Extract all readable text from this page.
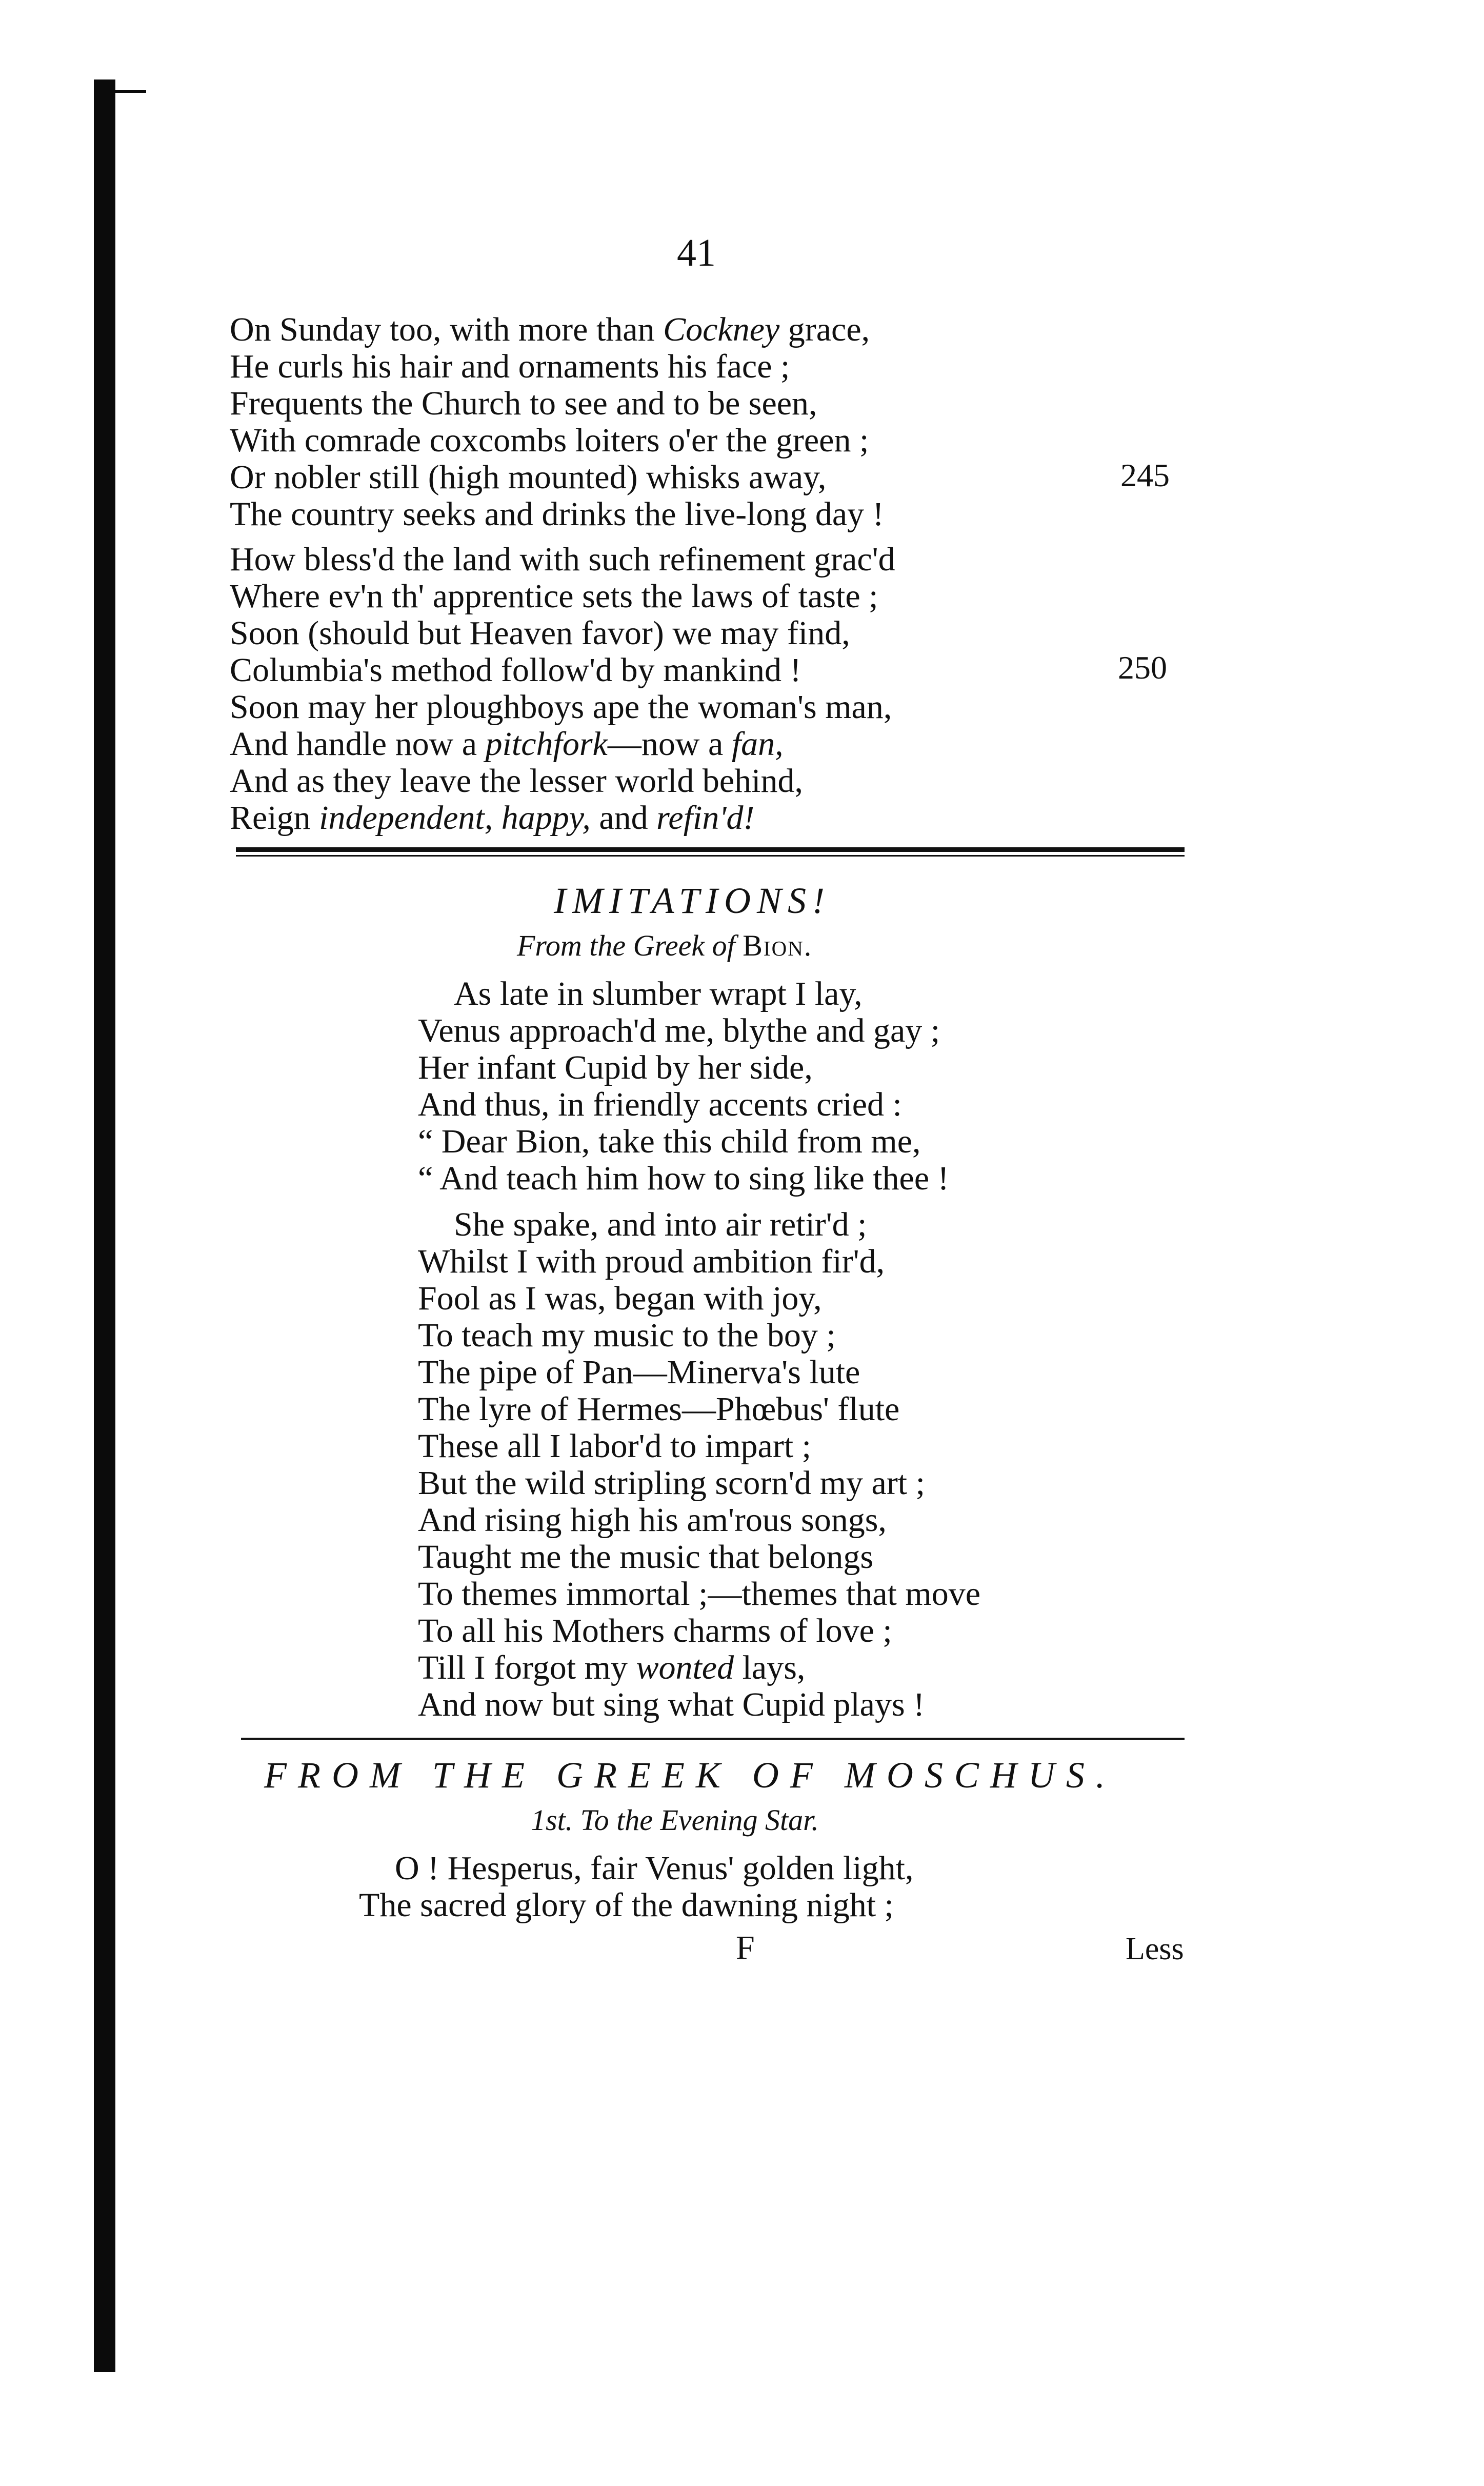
41
On Sunday too, with more than Cockney grace,
He curls his hair and ornaments his face ;
Frequents the Church to see and to be seen,
With comrade coxcombs loiters o'er the green ;
Or nobler still (high mounted) whisks away,
The country seeks and drinks the live-long day !
How bless'd the land with such refinement grac'd
Where ev'n th' apprentice sets the laws of taste ;
Soon (should but Heaven favor) we may find,
Columbia's method follow'd by mankind !
Soon may her ploughboys ape the woman's man,
And handle now a pitchfork—now a fan,
And as they leave the lesser world behind,
Reign independent, happy, and refin'd!
245
250
IMITATIONS!
From the Greek of Bion.
As late in slumber wrapt I lay,
Venus approach'd me, blythe and gay ;
Her infant Cupid by her side,
And thus, in friendly accents cried :
“ Dear Bion, take this child from me,
“ And teach him how to sing like thee !
She spake, and into air retir'd ;
Whilst I with proud ambition fir'd,
Fool as I was, began with joy,
To teach my music to the boy ;
The pipe of Pan—Minerva's lute
The lyre of Hermes—Phœbus' flute
These all I labor'd to impart ;
But the wild stripling scorn'd my art ;
And rising high his am'rous songs,
Taught me the music that belongs
To themes immortal ;—themes that move
To all his Mothers charms of love ;
Till I forgot my wonted lays,
And now but sing what Cupid plays !
FROM THE GREEK OF MOSCHUS.
1st. To the Evening Star.
O ! Hesperus, fair Venus' golden light,
The sacred glory of the dawning night ;
F	Less
